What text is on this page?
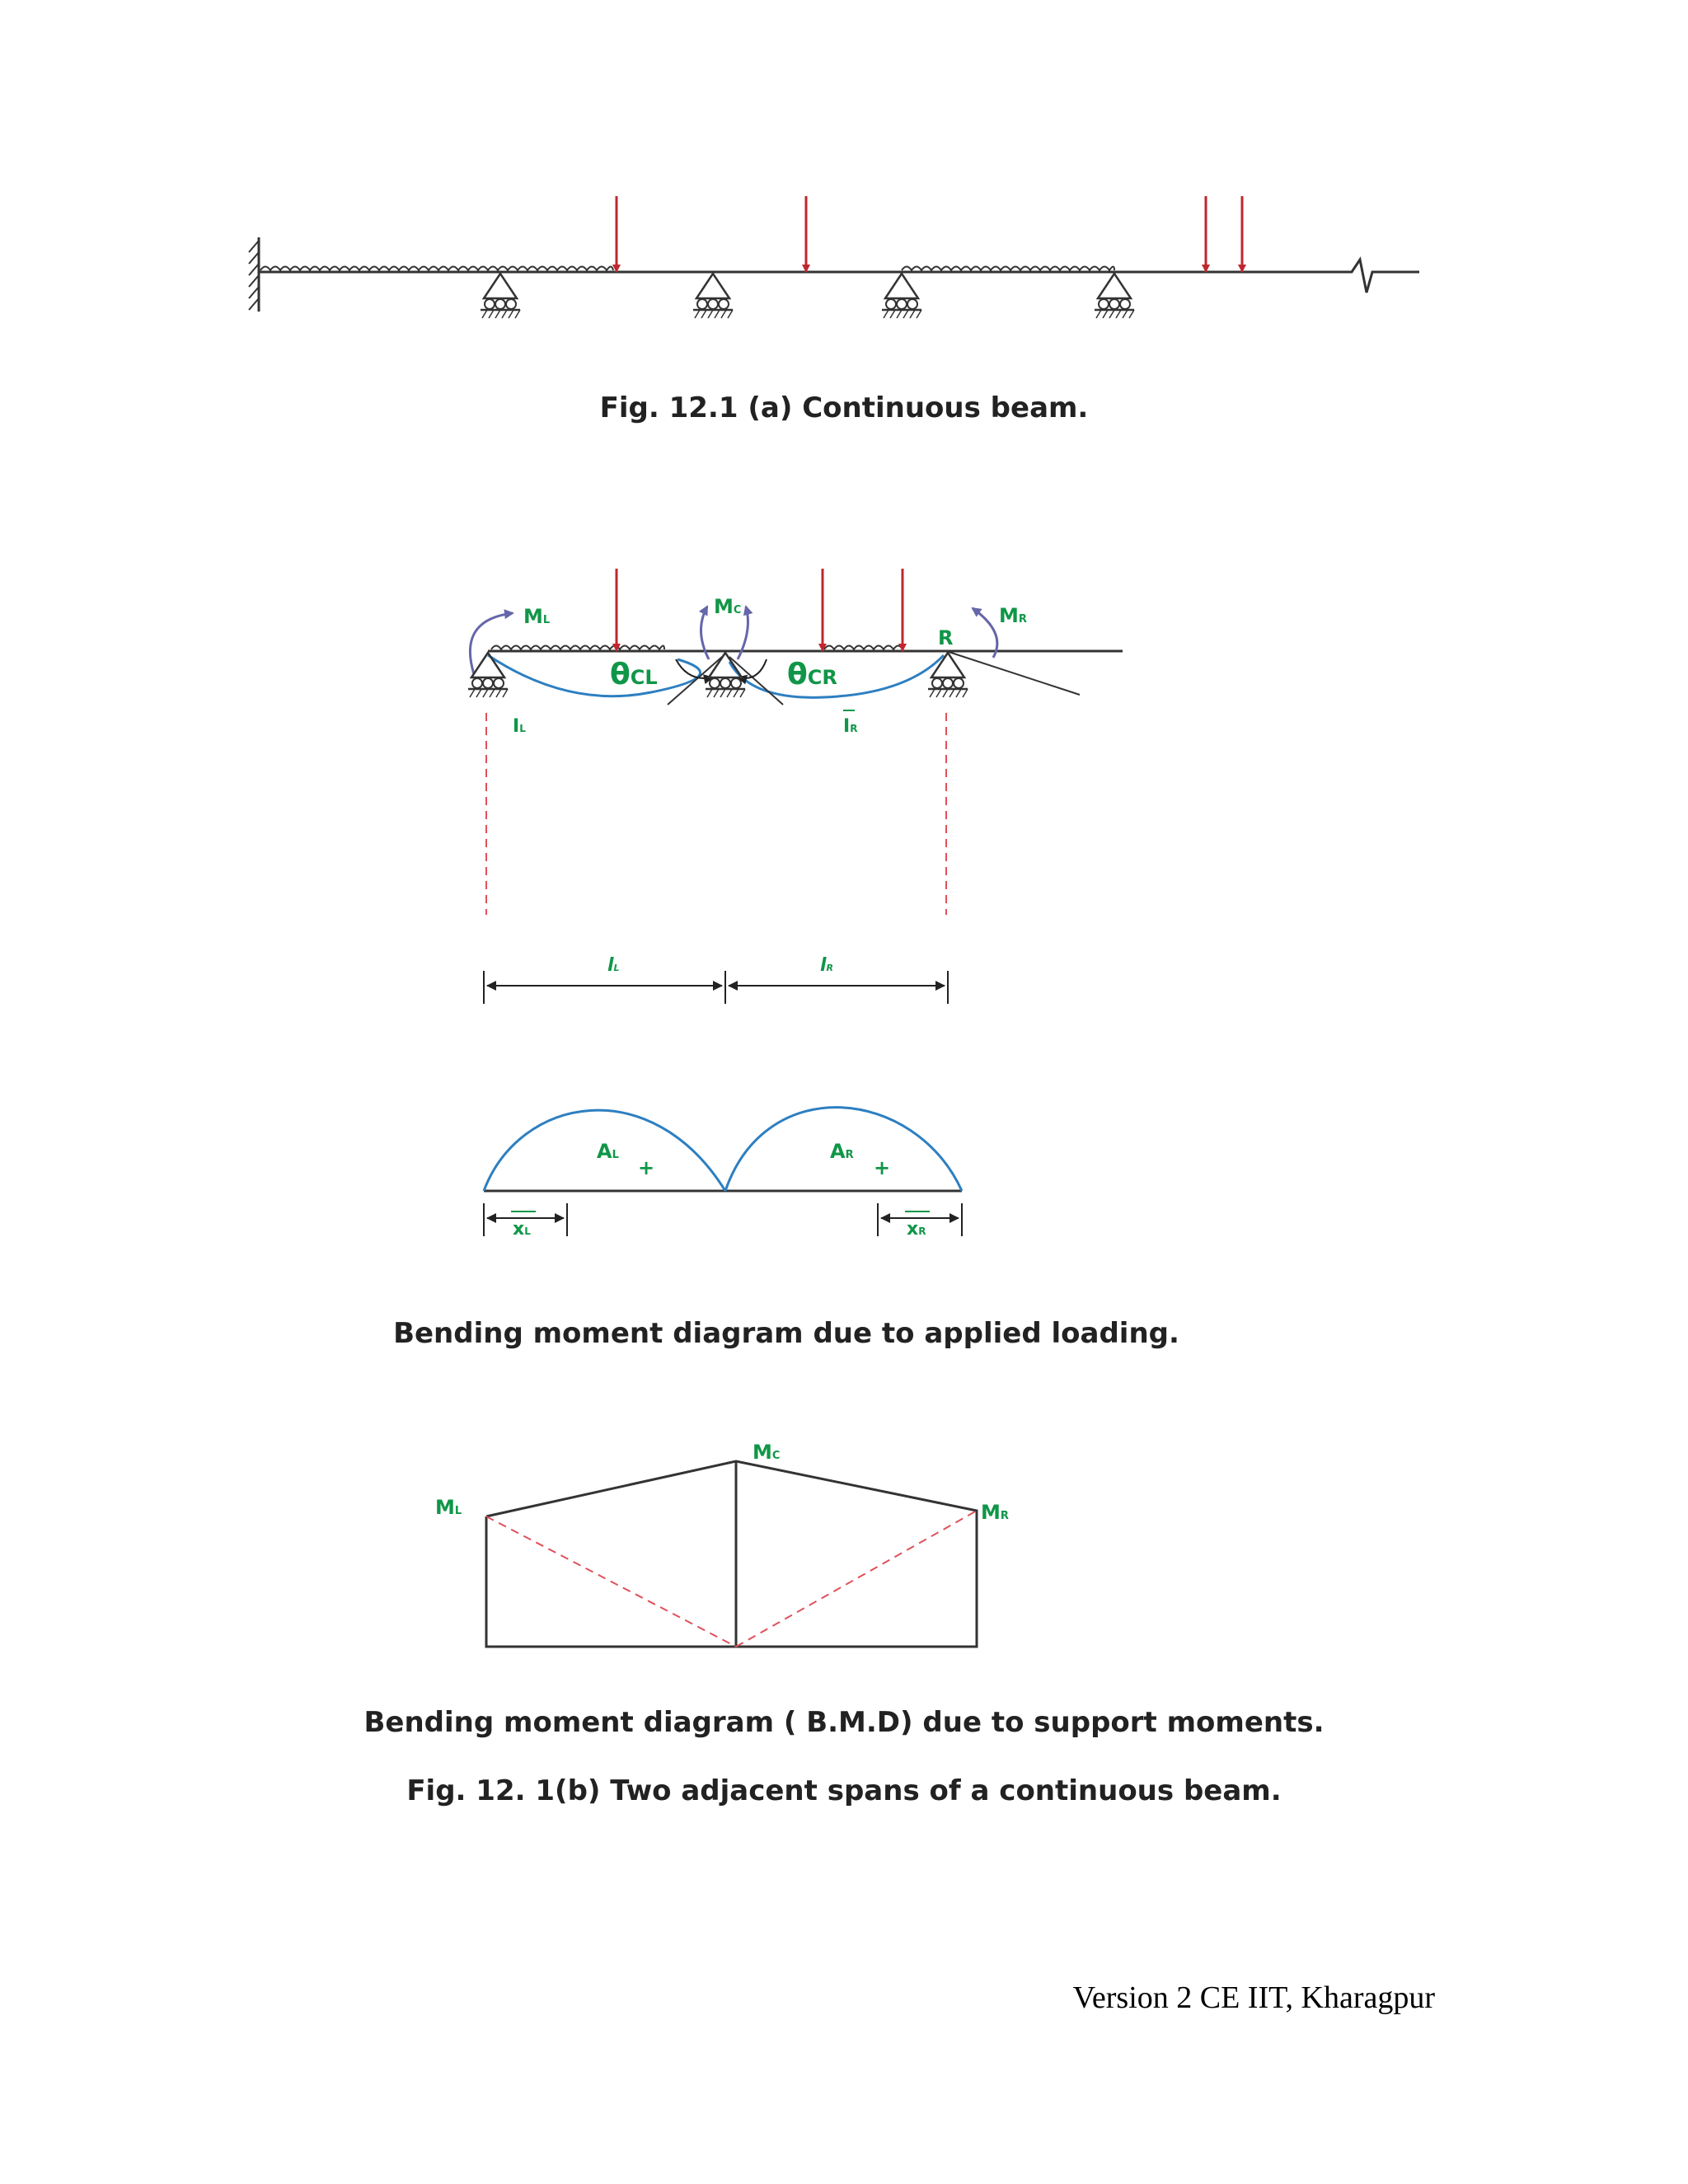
ML
MC	MR
R
θCL	θCR
IL	IR
lL	lR
AL	AR
+	+
xL	xR
ML
MC
MR
Fig. 12.1 (a) Continuous beam.
Bending moment diagram due to applied loading.
Bending moment diagram ( B.M.D) due to support moments.
Fig. 12. 1(b) Two adjacent spans of a continuous beam.
Version 2 CE IIT, Kharagpur
